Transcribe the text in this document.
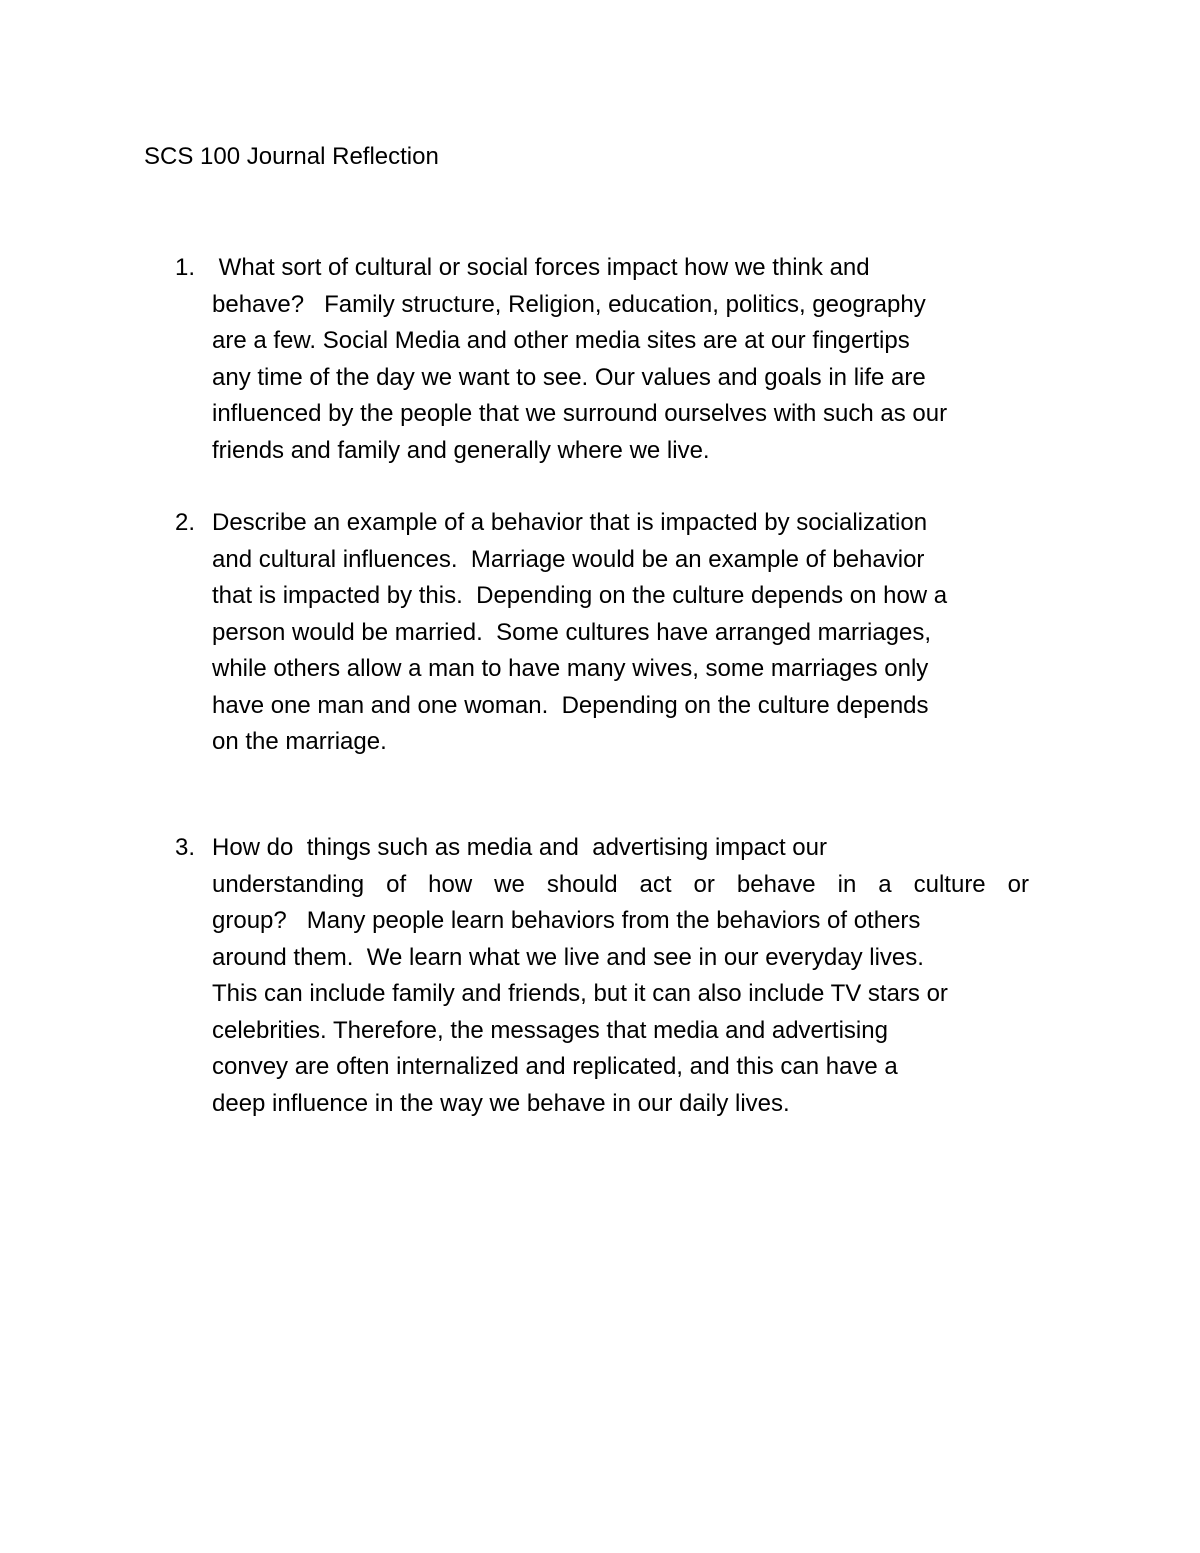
SCS 100 Journal Reflection
1. What sort of cultural or social forces impact how we think and
behave?   Family structure, Religion, education, politics, geography
are a few. Social Media and other media sites are at our fingertips
any time of the day we want to see. Our values and goals in life are
influenced by the people that we surround ourselves with such as our
friends and family and generally where we live.
2. Describe an example of a behavior that is impacted by socialization
and cultural influences.  Marriage would be an example of behavior
that is impacted by this.  Depending on the culture depends on how a
person would be married.  Some cultures have arranged marriages,
while others allow a man to have many wives, some marriages only
have one man and one woman.  Depending on the culture depends
on the marriage.
3. How do  things such as media and  advertising impact our
understanding of how we should act or behave in a culture or
group?   Many people learn behaviors from the behaviors of others
around them.  We learn what we live and see in our everyday lives.
This can include family and friends, but it can also include TV stars or
celebrities. Therefore, the messages that media and advertising
convey are often internalized and replicated, and this can have a
deep influence in the way we behave in our daily lives.
